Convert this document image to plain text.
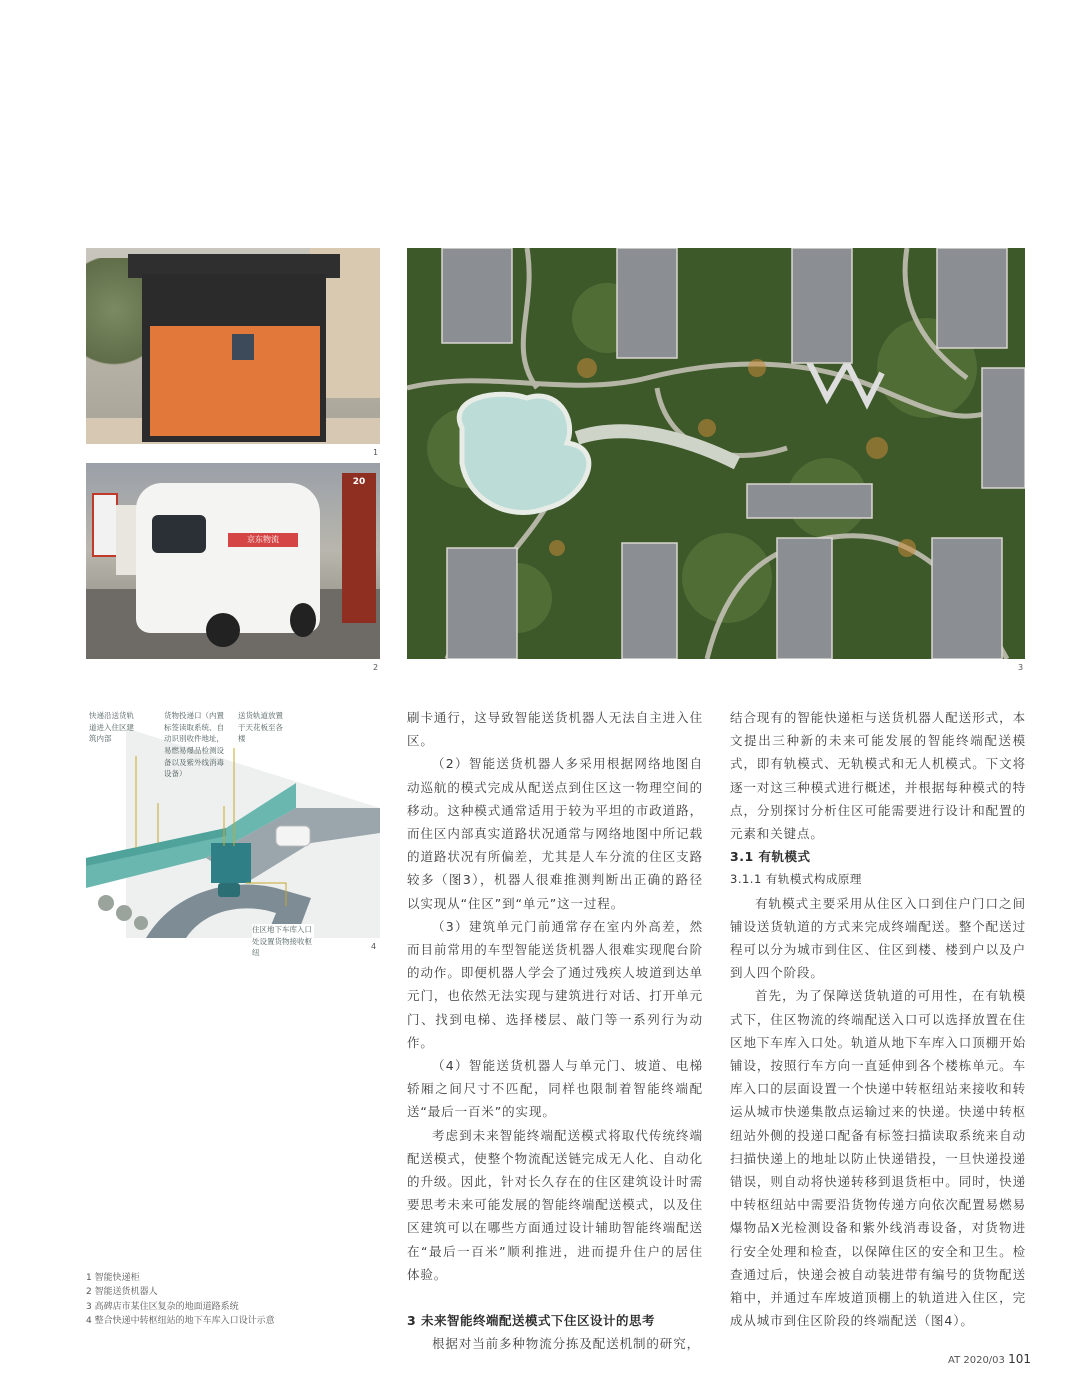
1
20
京东物流
2	3
快递沿送货轨道进入住区建筑内部
货物投递口（内置标签读取系统、自动识别收件地址，易燃易爆品检测设备以及紫外线消毒设备）
送货轨道放置于天花板至各楼
住区地下车库入口处设置货物接收枢纽
4

刷卡通行，这导致智能送货机器人无法自主进入住区。

（2）智能送货机器人多采用根据网络地图自动巡航的模式完成从配送点到住区这一物理空间的移动。这种模式通常适用于较为平坦的市政道路，而住区内部真实道路状况通常与网络地图中所记载的道路状况有所偏差，尤其是人车分流的住区支路较多（图3），机器人很难推测判断出正确的路径以实现从“住区”到“单元”这一过程。

（3）建筑单元门前通常存在室内外高差，然而目前常用的车型智能送货机器人很难实现爬台阶的动作。即便机器人学会了通过残疾人坡道到达单元门，也依然无法实现与建筑进行对话、打开单元门、找到电梯、选择楼层、敲门等一系列行为动作。

（4）智能送货机器人与单元门、坡道、电梯轿厢之间尺寸不匹配，同样也限制着智能终端配送“最后一百米”的实现。

考虑到未来智能终端配送模式将取代传统终端配送模式，使整个物流配送链完成无人化、自动化的升级。因此，针对长久存在的住区建筑设计时需要思考未来可能发展的智能终端配送模式，以及住区建筑可以在哪些方面通过设计辅助智能终端配送在“最后一百米”顺利推进，进而提升住户的居住体验。

3 未来智能终端配送模式下住区设计的思考

根据对当前多种物流分拣及配送机制的研究，

结合现有的智能快递柜与送货机器人配送形式，本文提出三种新的未来可能发展的智能终端配送模式，即有轨模式、无轨模式和无人机模式。下文将逐一对这三种模式进行概述，并根据每种模式的特点，分别探讨分析住区可能需要进行设计和配置的元素和关键点。

3.1 有轨模式
3.1.1 有轨模式构成原理

有轨模式主要采用从住区入口到住户门口之间铺设送货轨道的方式来完成终端配送。整个配送过程可以分为城市到住区、住区到楼、楼到户以及户到人四个阶段。

首先，为了保障送货轨道的可用性，在有轨模式下，住区物流的终端配送入口可以选择放置在住区地下车库入口处。轨道从地下车库入口顶棚开始铺设，按照行车方向一直延伸到各个楼栋单元。车库入口的层面设置一个快递中转枢纽站来接收和转运从城市快递集散点运输过来的快递。快递中转枢纽站外侧的投递口配备有标签扫描读取系统来自动扫描快递上的地址以防止快递错投，一旦快递投递错误，则自动将快递转移到退货柜中。同时，快递中转枢纽站中需要沿货物传递方向依次配置易燃易爆物品X光检测设备和紫外线消毒设备，对货物进行安全处理和检查，以保障住区的安全和卫生。检查通过后，快递会被自动装进带有编号的货物配送箱中，并通过车库坡道顶棚上的轨道进入住区，完成从城市到住区阶段的终端配送（图4）。

1 智能快递柜
2 智能送货机器人
3 高碑店市某住区复杂的地面道路系统
4 整合快递中转枢纽站的地下车库入口设计示意
AT 2020/03 101
